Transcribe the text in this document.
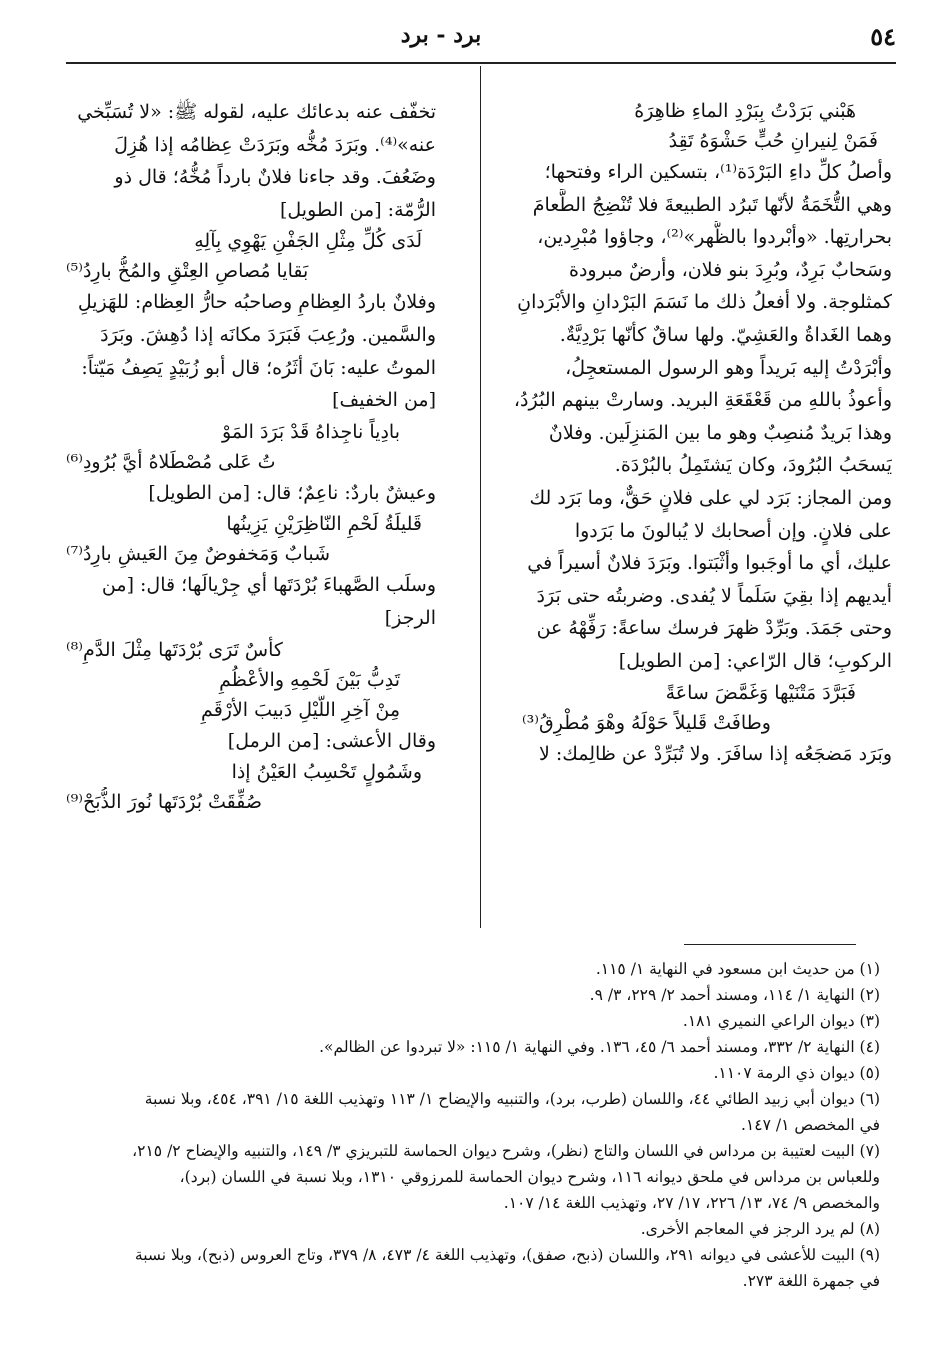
٥٤
برد - برد
هَبْني بَرَدْتُ بِبَرْدِ الماءِ ظاهِرَهُ
فَمَنْ لِنيرانِ حُبٍّ حَشْوَهُ تَقِدُ
وأصلُ كلِّ داءِ البَرْدَة⁽¹⁾، بتسكين الراء وفتحها؛
وهي التُّخَمَةُ لأنّها تَبرُد الطبيعةَ فلا تُنْضِجُ الطَّعامَ
بحرارتِها. «وأبْردوا بالظُّهر»⁽²⁾، وجاؤوا مُبْرِدين،
وسَحابٌ بَرِدٌ، وبُرِدَ بنو فلان، وأرضٌ مبرودة
كمثلوجة. ولا أفعلُ ذلك ما نَسَمَ البَرْدانِ والأبْرَدانِ
وهما الغَداةُ والعَشِيّ. ولها ساقٌ كأنّها بَرْدِيَّةٌ.
وأبْرَدْتُ إليه بَريداً وهو الرسول المستعجِلُ،
وأعوذُ باللهِ من قَعْقَعَةِ البريد. وسارتْ بينهم البُرُدُ،
وهذا بَريدٌ مُنصِبٌ وهو ما بين المَنزِلَين. وفلانٌ
يَسحَبُ البُرُودَ، وكان يَشتَمِلُ بالبُرْدَة.
ومن المجاز: بَرَد لي على فلانٍ حَقٌّ، وما بَرَد لك
على فلانٍ. وإن أصحابك لا يُبالونَ ما بَرَدوا
عليك، أي ما أوجَبوا وأثْبَتوا. وبَرَدَ فلانٌ أسيراً في
أيديهم إذا بقِيَ سَلَماً لا يُفدى. وضربتُه حتى بَرَدَ
وحتى جَمَدَ. وبَرِّدْ ظهرَ فرسك ساعةً: رَفِّهْهُ عن
الركوبِ؛ قال الرّاعي: [من الطويل]
فَبَرَّدَ مَتْنَيْها وَغَمَّضَ ساعَةً
وطافَتْ قَليلاً حَوْلَهُ وهْوَ مُطْرِقُ⁽³⁾
وبَرَد مَضجَعُه إذا سافَرَ. ولا تُبَرِّدْ عن ظالِمك: لا
تخفّف عنه بدعائك عليه، لقوله ﷺ: «لا تُسَبِّخي
عنه»⁽⁴⁾. وبَرَدَ مُخُّه وبَرَدَتْ عِظامُه إذا هُزِلَ
وضَعُفَ. وقد جاءنا فلانٌ بارداً مُخُّهُ؛ قال ذو
الرُّمّة: [من الطويل]
لَدَى كُلِّ مِثْلِ الجَفْنِ يَهْوِي بِآلِهِ
بَقايا مُصاصِ العِتْقِ والمُخُّ بارِدُ⁽⁵⁾
وفلانٌ باردُ العِظامِ وصاحبُه حارُّ العِظام: للهَزيلِ
والسَّمين. ورُعِبَ فَبَرَدَ مكانَه إذا دُهِشَ. وبَرَدَ
الموتُ عليه: بَانَ أثَرُه؛ قال أبو زُبَيْدٍ يَصِفُ مَيّتاً:
[من الخفيف]
بادِياً ناجِذاهُ قَدْ بَرَدَ المَوْ
تُ عَلى مُصْطَلاهُ أيَّ بُرُودِ⁽⁶⁾
وعيشٌ باردٌ: ناعِمٌ؛ قال: [من الطويل]
قَليلَةُ لَحْمِ النّاظِرَيْنِ يَزِينُها
شَبابٌ وَمَخفوضٌ مِنَ العَيشِ بارِدُ⁽⁷⁾
وسلَب الصَّهباءَ بُرْدَتَها أي جِرْيالَها؛ قال: [من
الرجز]
كأسٌ تَرَى بُرْدَتَها مِثْلَ الدَّمِ⁽⁸⁾
تَدِبُّ بَيْنَ لَحْمِهِ والأعْظُمِ
مِنْ آخِرِ اللَّيْلِ دَبيبَ الأرْقَمِ
وقال الأعشى: [من الرمل]
وشَمُولٍ تَحْسِبُ العَيْنُ إذا
صُفِّقَتْ بُرْدَتَها نُورَ الذُّبَحْ⁽⁹⁾
(١) من حديث ابن مسعود في النهاية ١/ ١١٥.
(٢) النهاية ١/ ١١٤، ومسند أحمد ٢/ ٢٢٩، ٣/ ٩.
(٣) ديوان الراعي النميري ١٨١.
(٤) النهاية ٢/ ٣٣٢، ومسند أحمد ٦/ ٤٥، ١٣٦. وفي النهاية ١/ ١١٥: «لا تبردوا عن الظالم».
(٥) ديوان ذي الرمة ١١٠٧.
(٦) ديوان أبي زبيد الطائي ٤٤، واللسان (طرب، برد)، والتنبيه والإيضاح ١/ ١١٣ وتهذيب اللغة ١٥/ ٣٩١، ٤٥٤، وبلا نسبة
في المخصص ١/ ١٤٧.
(٧) البيت لعتيبة بن مرداس في اللسان والتاج (نظر)، وشرح ديوان الحماسة للتبريزي ٣/ ١٤٩، والتنبيه والإيضاح ٢/ ٢١٥،
وللعباس بن مرداس في ملحق ديوانه ١١٦، وشرح ديوان الحماسة للمرزوقي ١٣١٠، وبلا نسبة في اللسان (برد)،
والمخصص ٩/ ٧٤، ١٣/ ٢٢٦، ١٧/ ٢٧، وتهذيب اللغة ١٤/ ١٠٧.
(٨) لم يرد الرجز في المعاجم الأخرى.
(٩) البيت للأعشى في ديوانه ٢٩١، واللسان (ذبح، صفق)، وتهذيب اللغة ٤/ ٤٧٣، ٨/ ٣٧٩، وتاج العروس (ذبح)، وبلا نسبة
في جمهرة اللغة ٢٧٣.
